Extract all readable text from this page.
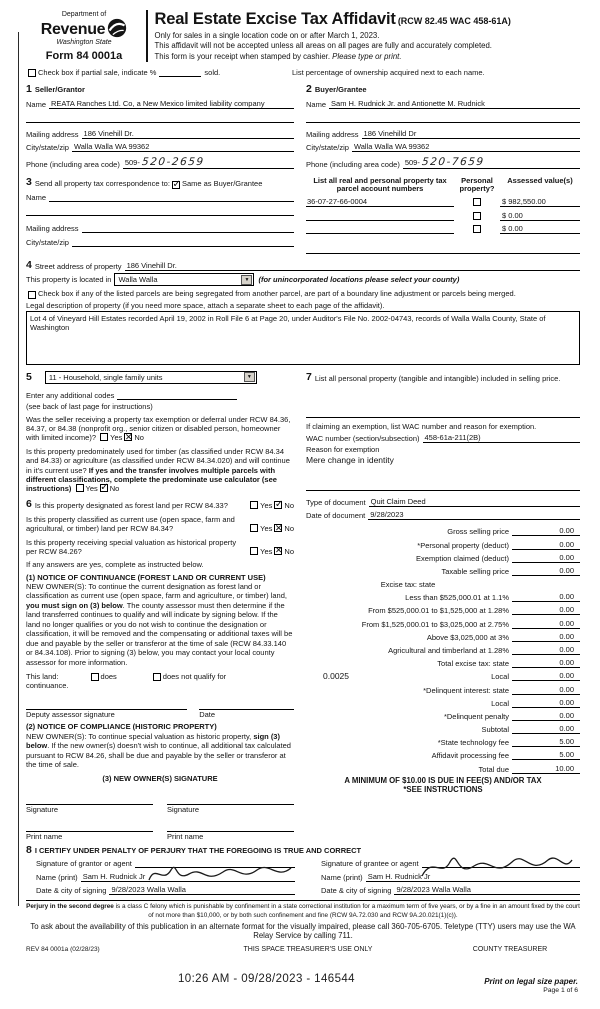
Department of
Revenue
Washington State
Form 84 0001a
Real Estate Excise Tax Affidavit (RCW 82.45 WAC 458-61A)
Only for sales in a single location code on or after March 1, 2023.
This affidavit will not be accepted unless all areas on all pages are fully and accurately completed.
This form is your receipt when stamped by cashier. Please type or print.
Check box if partial sale, indicate %	sold.	List percentage of ownership acquired next to each name.
1 Seller/Grantor
Name REATA Ranches Ltd. Co, a New Mexico limited liability company
Mailing address 186 Vinehill Dr.
City/state/zip Walla Walla WA 99362
Phone (including area code) 509- 520-2659
2 Buyer/Grantee
Name Sam H. Rudnick Jr. and Antionette M. Rudnick
Mailing address 186 Vinehilld Dr
City/state/zip Walla Walla WA 99362
Phone (including area code) 509- 520-7659
3 Send all property tax correspondence to: ✓ Same as Buyer/Grantee
Name
Mailing address
City/state/zip
List all real and personal property tax parcel account numbers
Personal property?
Assessed value(s)
36-07-27-66-0004	$ 982,550.00
$ 0.00
$ 0.00
4 Street address of property 186 Vinehill Dr.
This property is located in Walla Walla ▼	(for unincorporated locations please select your county)
Check box if any of the listed parcels are being segregated from another parcel, are part of a boundary line adjustment or parcels being merged.
Legal description of property (if you need more space, attach a separate sheet to each page of the affidavit).
Lot 4 of Vineyard Hill Estates recorded April 19, 2002 in Roll File 6 at Page 20, under Auditor's File No. 2002-04743, records of Walla Walla County, State of Washington
5 11 - Household, single family units
▼
Enter any additional codes
(see back of last page for instructions)
Was the seller receiving a property tax exemption or deferral under RCW 84.36, 84.37, or 84.38 (nonprofit org., senior citizen or disabled person, homeowner with limited income)? Yes ✕ No
Is this property predominately used for timber (as classified under RCW 84.34 and 84.33) or agriculture (as classified under RCW 84.34.020) and will continue in it's current use? If yes and the transfer involves multiple parcels with different classifications, complete the predominate use calculator (see instructions) Yes ✓ No
6 Is this property designated as forest land per RCW 84.33?	Yes ✓ No
Is this property classified as current use (open space, farm and agricultural, or timber) land per RCW 84.34?	Yes ✕ No
Is this property receiving special valuation as historical property per RCW 84.26?	Yes ✕ No
If any answers are yes, complete as instructed below.
(1) NOTICE OF CONTINUANCE (FOREST LAND OR CURRENT USE)
NEW OWNER(S): To continue the current designation as forest land or classification as current use (open space, farm and agriculture, or timber) land, you must sign on (3) below. The county assessor must then determine if the land transferred continues to qualify and will indicate by signing below. If the land no longer qualifies or you do not wish to continue the designation or classification, it will be removed and the compensating or additional taxes will be due and payable by the seller or transferor at the time of sale (RCW 84.33.140 or 84.34.108). Prior to signing (3) below, you may contact your local county assessor for more information.
This land:	does	does not qualify for
continuance.
Deputy assessor signature	Date
(2) NOTICE OF COMPLIANCE (HISTORIC PROPERTY)
NEW OWNER(S): To continue special valuation as historic property, sign (3) below. If the new owner(s) doesn't wish to continue, all additional tax calculated pursuant to RCW 84.26, shall be due and payable by the seller or transferor at the time of sale.
(3) NEW OWNER(S) SIGNATURE
Signature	Signature
Print name	Print name
7 List all personal property (tangible and intangible) included in selling price.
If claiming an exemption, list WAC number and reason for exemption.
WAC number (section/subsection) 458-61a-211(2B)
Reason for exemption
Mere change in identity
Type of document Quit Claim Deed
Date of document 9/28/2023
Gross selling price	0.00
*Personal property (deduct)	0.00
Exemption claimed (deduct)	0.00
Taxable selling price	0.00
Excise tax: state
Less than $525,000.01 at 1.1%	0.00
From $525,000.01 to $1,525,000 at 1.28%	0.00
From $1,525,000.01 to $3,025,000 at 2.75%	0.00
Above $3,025,000 at 3%	0.00
Agricultural and timberland at 1.28%	0.00
Total excise tax: state	0.00
0.0025	Local	0.00
*Delinquent interest: state	0.00
Local	0.00
*Delinquent penalty	0.00
Subtotal	0.00
*State technology fee	5.00
Affidavit processing fee	5.00
Total due	10.00
A MINIMUM OF $10.00 IS DUE IN FEE(S) AND/OR TAX
*SEE INSTRUCTIONS
8 I CERTIFY UNDER PENALTY OF PERJURY THAT THE FOREGOING IS TRUE AND CORRECT
Signature of grantor or agent
Name (print) Sam H. Rudnick Jr
Date & city of signing 9/28/2023 Walla Walla
Signature of grantee or agent
Name (print) Sam H. Rudnick Jr
Date & city of signing 9/28/2023 Walla Walla
Perjury in the second degree is a class C felony which is punishable by confinement in a state correctional institution for a maximum term of five years, or by a fine in an amount fixed by the court of not more than $10,000, or by both such confinement and fine (RCW 9A.72.030 and RCW 9A.20.021(1)(c)).
To ask about the availability of this publication in an alternate format for the visually impaired, please call 360-705-6705. Teletype (TTY) users may use the WA Relay Service by calling 711.
REV 84 0001a (02/28/23)	THIS SPACE TREASURER'S USE ONLY	COUNTY TREASURER
10:26 AM - 09/28/2023 - 146544	Print on legal size paper.
Page 1 of 6
